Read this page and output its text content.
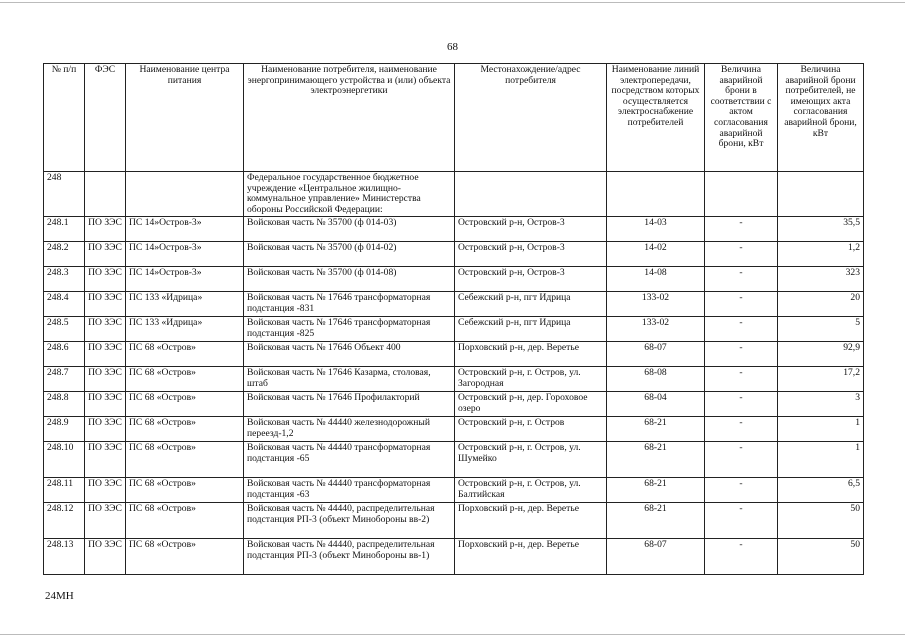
68
№ п/п	ФЭС	Наименование центра питания	Наименование потребителя, наименование энергопринимающего устройства и (или) объекта электроэнергетики	Местонахождение/адрес потребителя	Наименование линий электропередачи, посредством которых осуществляется электроснабжение потребителей	Величина аварийной брони в соответствии с актом согласования аварийной брони, кВт	Величина аварийной брони потребителей, не имеющих акта согласования аварийной брони, кВт
248			Федеральное государственное бюджетное учреждение «Центральное жилищно-коммунальное управление» Министерства обороны Российской Федерации:				
248.1	ПО ЗЭС	ПС 14»Остров-3»	Войсковая часть № 35700 (ф 014-03)	Островский р-н, Остров-3	14-03	-	35,5
248.2	ПО ЗЭС	ПС 14»Остров-3»	Войсковая часть № 35700 (ф 014-02)	Островский р-н, Остров-3	14-02	-	1,2
248.3	ПО ЗЭС	ПС 14»Остров-3»	Войсковая часть № 35700 (ф 014-08)	Островский р-н, Остров-3	14-08	-	323
248.4	ПО ЗЭС	ПС 133 «Идрица»	Войсковая часть № 17646 трансформаторная подстанция -831	Себежский р-н, пгт Идрица	133-02	-	20
248.5	ПО ЗЭС	ПС 133 «Идрица»	Войсковая часть № 17646 трансформаторная подстанция -825	Себежский р-н, пгт Идрица	133-02	-	5
248.6	ПО ЗЭС	ПС 68 «Остров»	Войсковая часть № 17646 Объект 400	Порховский р-н, дер. Веретье	68-07	-	92,9
248.7	ПО ЗЭС	ПС 68 «Остров»	Войсковая часть № 17646 Казарма, столовая, штаб	Островский р-н, г. Остров, ул. Загородная	68-08	-	17,2
248.8	ПО ЗЭС	ПС 68 «Остров»	Войсковая часть № 17646 Профилакторий	Островский р-н, дер. Гороховое озеро	68-04	-	3
248.9	ПО ЗЭС	ПС 68 «Остров»	Войсковая часть № 44440 железнодорожный переезд-1,2	Островский р-н, г. Остров	68-21	-	1
248.10	ПО ЗЭС	ПС 68 «Остров»	Войсковая часть № 44440 трансформаторная подстанция -65	Островский р-н, г. Остров, ул. Шумейко	68-21	-	1
248.11	ПО ЗЭС	ПС 68 «Остров»	Войсковая часть № 44440 трансформаторная подстанция -63	Островский р-н, г. Остров, ул. Балтийская	68-21	-	6,5
248.12	ПО ЗЭС	ПС 68 «Остров»	Войсковая часть № 44440, распределительная подстанция РП-3 (объект Минобороны вв-2)	Порховский р-н, дер. Веретье	68-21	-	50
248.13	ПО ЗЭС	ПС 68 «Остров»	Войсковая часть № 44440, распределительная подстанция РП-3 (объект Минобороны вв-1)	Порховский р-н, дер. Веретье	68-07	-	50
24МН
